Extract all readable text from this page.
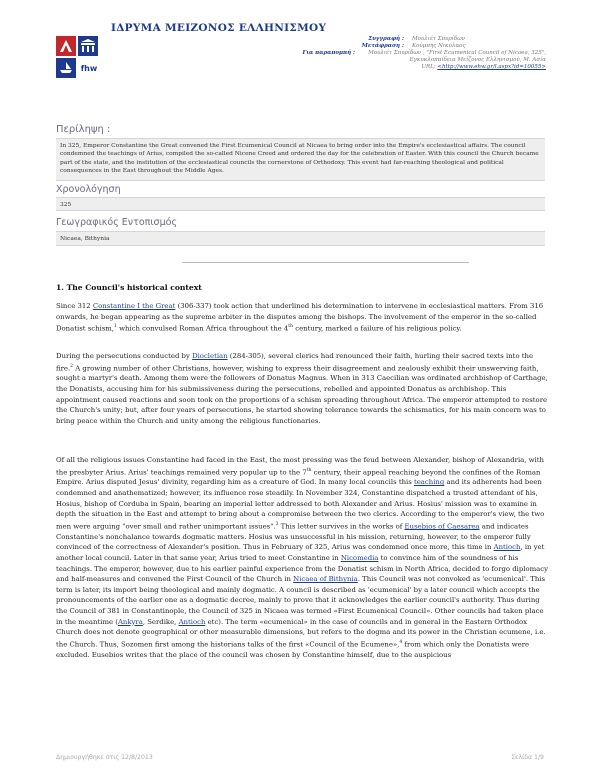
fhw
ΙΔΡΥΜΑ ΜΕΙΖΟΝΟΣ ΕΛΛΗΝΙΣΜΟΥ
Συγγραφή :	Μουλιέτ Σπυρίδων
Μετάφραση :	Κούμπης Νικόλαος
Για παραπομπή :	Μουλιέτ Σπυρίδων , "First Ecumenical Council of Nicaea, 325",
Εγκυκλοπαίδεια Μείζονος Ελληνισμού, Μ. Ασία
URL: <http://www.ehw.gr/l.aspx?id=10055>
Περίληψη :
In 325, Emperor Constantine the Great convened the First Ecumenical Council at Nicaea to bring order into the Empire's ecclesiastical affairs. The council condemned the teachings of Arius, compiled the so-called Nicene Creed and ordered the day for the celebration of Easter. With this council the Church became part of the state, and the institution of the ecclesiastical councils the cornerstone of Orthodoxy. This event had far-reaching theological and political consequences in the East throughout the Middle Ages.
Χρονολόγηση
325
Γεωγραφικός Εντοπισμός
Nicaea, Bithynia
1. The Council's historical context
Since 312 Constantine I the Great (306-337) took action that underlined his determination to intervene in ecclesiastical matters. From 316 onwards, he began appearing as the supreme arbiter in the disputes among the bishops. The involvement of the emperor in the so-called Donatist schism,$^1$ which convulsed Roman Africa throughout the 4th century, marked a failure of his religious policy.
During the persecutions conducted by Diocletian (284-305), several clerics had renounced their faith, hurling their sacred texts into the fire.$^2$ A growing number of other Christians, however, wishing to express their disagreement and zealously exhibit their unswerving faith, sought a martyr's death. Among them were the followers of Donatus Magnus. When in 313 Caecilian was ordinated archbishop of Carthage, the Donatists, accusing him for his submissiveness during the persecutions, rebelled and appointed Donatus as archbishop. This appointment caused reactions and soon took on the proportions of a schism spreading throughout Africa. The emperor attempted to restore the Church's unity; but, after four years of persecutions, he started showing tolerance towards the schismatics, for his main concern was to bring peace within the Church and unity among the religious functionaries.
Of all the religious issues Constantine had faced in the East, the most pressing was the feud between Alexander, bishop of Alexandria, with the presbyter Arius. Arius' teachings remained very popular up to the 7th century, their appeal reaching beyond the confines of the Roman Empire. Arius disputed Jesus' divinity, regarding him as a creature of God. In many local councils this teaching and its adherents had been condemned and anathematized; however, its influence rose steadily. In November 324, Constantine dispatched a trusted attendant of his, Hosius, bishop of Corduba in Spain, bearing an imperial letter addressed to both Alexander and Arius. Hosius' mission was to examine in depth the situation in the East and attempt to bring about a compromise between the two clerics. According to the emperor's view, the two men were arguing "over small and rather unimportant issues".$^3$ This letter survives in the works of Eusebios of Caesarea and indicates Constantine's nonchalance towards dogmatic matters. Hosius was unsuccessful in his mission, returning, however, to the emperor fully convinced of the correctness of Alexander's position. Thus in February of 325, Arius was condemned once more, this time in Antioch, in yet another local council. Later in that same year, Arius tried to meet Constantine in Nicomedia to convince him of the soundness of his teachings. The emperor, however, due to his earlier painful experience from the Donatist schism in North Africa, decided to forgo diplomacy and half-measures and convened the First Council of the Church in Nicaea of Bithynia. This Council was not convoked as 'ecumenical'. This term is later, its import being theological and mainly dogmatic. A council is described as 'ecumenical' by a later council which accepts the pronouncements of the earlier one as a dogmatic decree, mainly to prove that it acknowledges the earlier council's authority. Thus during the Council of 381 in Constantinople, the Council of 325 in Nicaea was termed «First Ecumenical Council». Other councils had taken place in the meantime (Ankyra, Serdike, Antioch etc). The term «ecumenical» in the case of councils and in general in the Eastern Orthodox Church does not denote geographical or other measurable dimensions, but refers to the dogma and its power in the Christian ecumene, i.e. the Church. Thus, Sozomen first among the historians talks of the first «Council of the Ecumene»,$^4$ from which only the Donatists were excluded. Eusebios writes that the place of the council was chosen by Constantine himself, due to the auspicious
Δημιουργήθηκε στις 12/8/2013	Σελίδα 1/9
